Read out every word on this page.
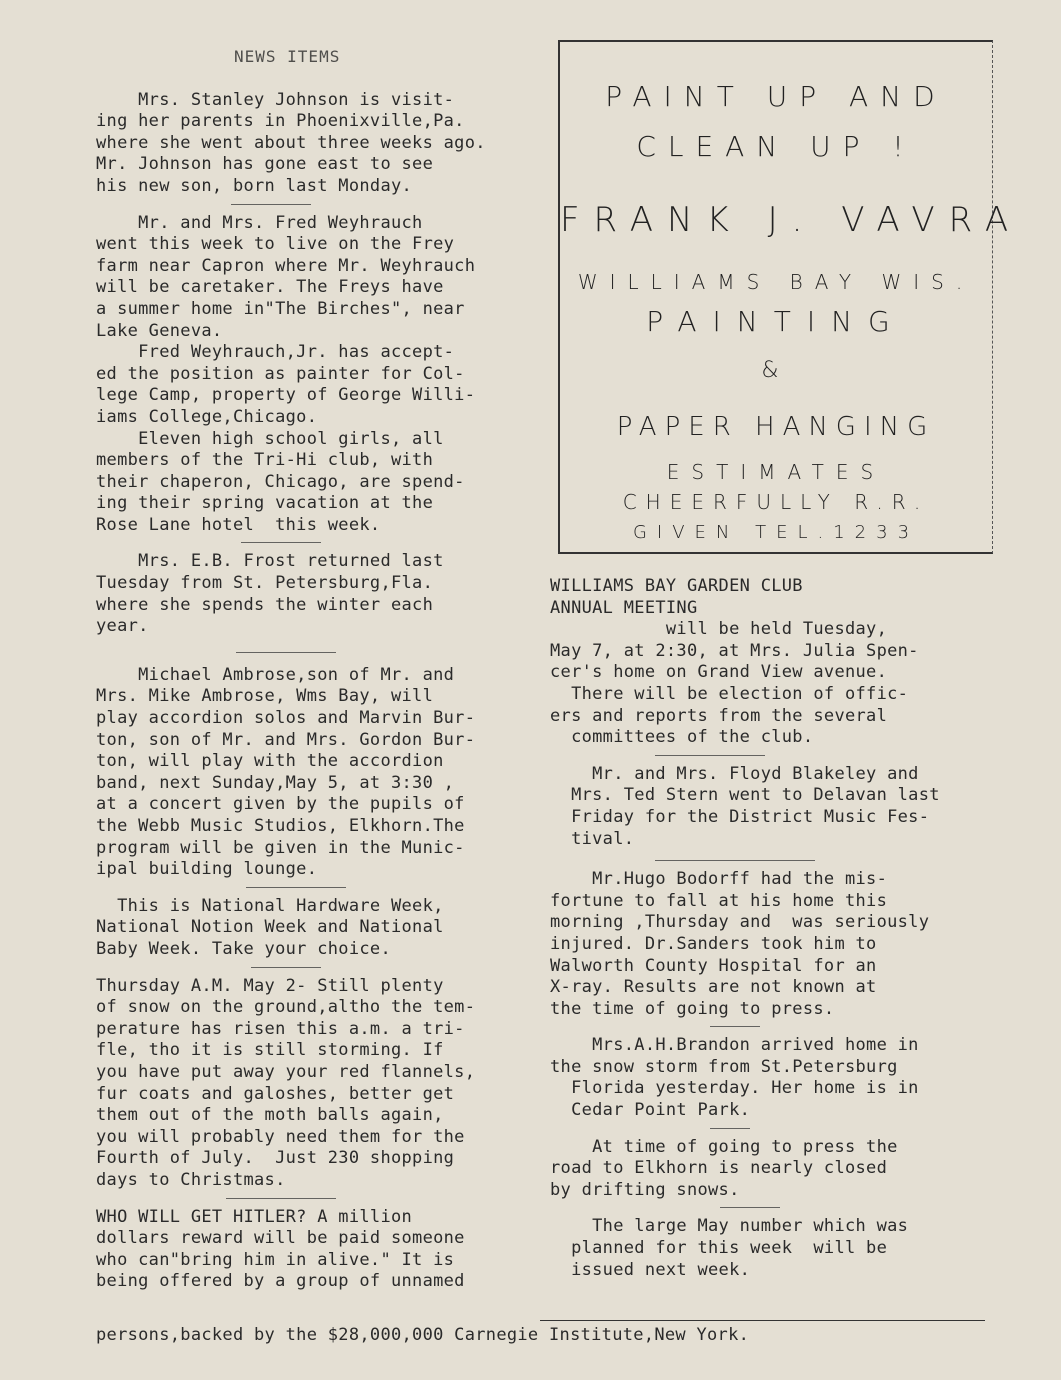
NEWS ITEMS
Mrs. Stanley Johnson is visit-
ing her parents in Phoenixville,Pa.
where she went about three weeks ago.
Mr. Johnson has gone east to see
his new son, born last Monday.
Mr. and Mrs. Fred Weyhrauch
went this week to live on the Frey
farm near Capron where Mr. Weyhrauch
will be caretaker. The Freys have
a summer home in"The Birches", near
Lake Geneva.
Fred Weyhrauch,Jr. has accept-
ed the position as painter for Col-
lege Camp, property of George Willi-
iams College,Chicago.
Eleven high school girls, all
members of the Tri-Hi club, with
their chaperon, Chicago, are spend-
ing their spring vacation at the
Rose Lane hotel  this week.
Mrs. E.B. Frost returned last
Tuesday from St. Petersburg,Fla.
where she spends the winter each
year.
Michael Ambrose,son of Mr. and
Mrs. Mike Ambrose, Wms Bay, will
play accordion solos and Marvin Bur-
ton, son of Mr. and Mrs. Gordon Bur-
ton, will play with the accordion
band, next Sunday,May 5, at 3:30 ,
at a concert given by the pupils of
the Webb Music Studios, Elkhorn.The
program will be given in the Munic-
ipal building lounge.
This is National Hardware Week,
National Notion Week and National
Baby Week. Take your choice.
Thursday A.M. May 2- Still plenty
of snow on the ground,altho the tem-
perature has risen this a.m. a tri-
fle, tho it is still storming. If
you have put away your red flannels,
fur coats and galoshes, better get
them out of the moth balls again,
you will probably need them for the
Fourth of July.  Just 230 shopping
days to Christmas.
WHO WILL GET HITLER? A million
dollars reward will be paid someone
who can"bring him in alive." It is
being offered by a group of unnamed
persons,backed by the $28,000,000 Carnegie Institute,New York.
PAINT UP AND
CLEAN UP !
FRANK J. VAVRA
WILLIAMS BAY WIS.
PAINTING
&
PAPER HANGING
ESTIMATES
CHEERFULLY R.R.
GIVEN TEL.1233
WILLIAMS BAY GARDEN CLUB
ANNUAL MEETING
will be held Tuesday,
May 7, at 2:30, at Mrs. Julia Spen-
cer's home on Grand View avenue.
There will be election of offic-
ers and reports from the several
committees of the club.
Mr. and Mrs. Floyd Blakeley and
Mrs. Ted Stern went to Delavan last
Friday for the District Music Fes-
tival.
Mr.Hugo Bodorff had the mis-
fortune to fall at his home this
morning ,Thursday and  was seriously
injured. Dr.Sanders took him to
Walworth County Hospital for an
X-ray. Results are not known at
the time of going to press.
Mrs.A.H.Brandon arrived home in
the snow storm from St.Petersburg
Florida yesterday. Her home is in
Cedar Point Park.
At time of going to press the
road to Elkhorn is nearly closed
by drifting snows.
The large May number which was
planned for this week  will be
issued next week.
